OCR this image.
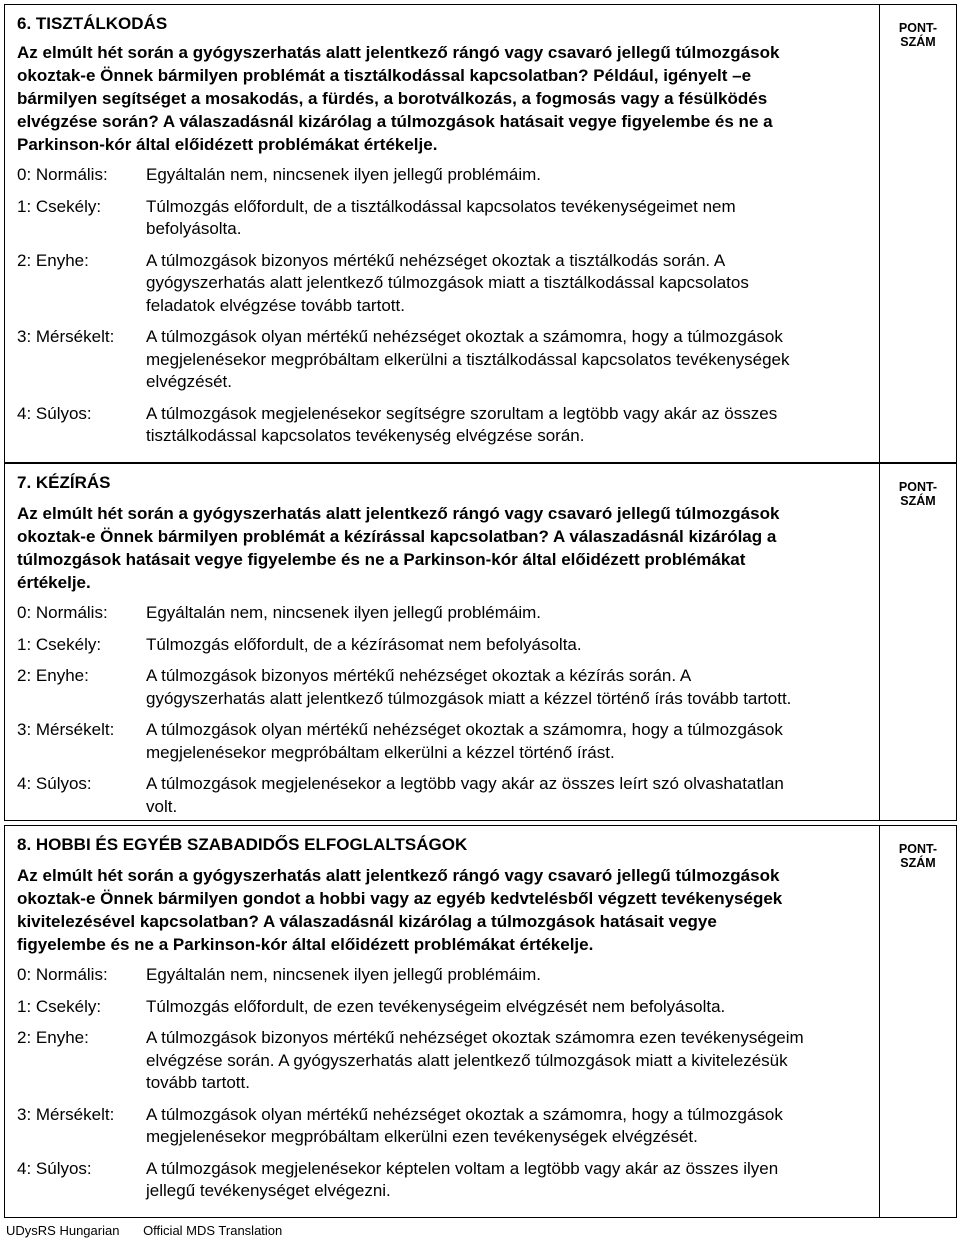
6. TISZTÁLKODÁS
Az elmúlt hét során a gyógyszerhatás alatt jelentkező rángó vagy csavaró jellegű túlmozgások
okoztak-e Önnek bármilyen problémát a tisztálkodással kapcsolatban? Például, igényelt –e
bármilyen segítséget a mosakodás, a fürdés, a borotválkozás, a fogmosás vagy a fésülködés
elvégzése során? A válaszadásnál kizárólag a túlmozgások hatásait vegye figyelembe és ne a
Parkinson-kór által előidézett problémákat értékelje.
0: Normális:	Egyáltalán nem, nincsenek ilyen jellegű problémáim.
1: Csekély:	Túlmozgás előfordult, de a tisztálkodással kapcsolatos tevékenységeimet nem
befolyásolta.
2: Enyhe:	A túlmozgások bizonyos mértékű nehézséget okoztak a tisztálkodás során. A
gyógyszerhatás alatt jelentkező túlmozgások miatt a tisztálkodással kapcsolatos
feladatok elvégzése tovább tartott.
3: Mérsékelt:	A túlmozgások olyan mértékű nehézséget okoztak a számomra, hogy a túlmozgások
megjelenésekor megpróbáltam elkerülni a tisztálkodással kapcsolatos tevékenységek
elvégzését.
4: Súlyos:	A túlmozgások megjelenésekor segítségre szorultam a legtöbb vagy akár az összes
tisztálkodással kapcsolatos tevékenység elvégzése során.
PONT-
SZÁM
7. KÉZÍRÁS
Az elmúlt hét során a gyógyszerhatás alatt jelentkező rángó vagy csavaró jellegű túlmozgások
okoztak-e Önnek bármilyen problémát a kézírással kapcsolatban? A válaszadásnál kizárólag a
túlmozgások hatásait vegye figyelembe és ne a Parkinson-kór által előidézett problémákat
értékelje.
0: Normális:	Egyáltalán nem, nincsenek ilyen jellegű problémáim.
1: Csekély:	Túlmozgás előfordult, de a kézírásomat nem befolyásolta.
2: Enyhe:	A túlmozgások bizonyos mértékű nehézséget okoztak a kézírás során. A
gyógyszerhatás alatt jelentkező túlmozgások miatt a kézzel történő írás tovább tartott.
3: Mérsékelt:	A túlmozgások olyan mértékű nehézséget okoztak a számomra, hogy a túlmozgások
megjelenésekor megpróbáltam elkerülni a kézzel történő írást.
4: Súlyos:	A túlmozgások megjelenésekor a legtöbb vagy akár az összes leírt szó olvashatatlan
volt.
PONT-
SZÁM
8. HOBBI ÉS EGYÉB SZABADIDŐS ELFOGLALTSÁGOK
Az elmúlt hét során a gyógyszerhatás alatt jelentkező rángó vagy csavaró jellegű túlmozgások
okoztak-e Önnek bármilyen gondot a hobbi vagy az egyéb kedvtelésből végzett tevékenységek
kivitelezésével kapcsolatban? A válaszadásnál kizárólag a túlmozgások hatásait vegye
figyelembe és ne a Parkinson-kór által előidézett problémákat értékelje.
0: Normális:	Egyáltalán nem, nincsenek ilyen jellegű problémáim.
1: Csekély:	Túlmozgás előfordult, de ezen tevékenységeim elvégzését nem befolyásolta.
2: Enyhe:	A túlmozgások bizonyos mértékű nehézséget okoztak számomra ezen tevékenységeim
elvégzése során. A gyógyszerhatás alatt jelentkező túlmozgások miatt a kivitelezésük
tovább tartott.
3: Mérsékelt:	A túlmozgások olyan mértékű nehézséget okoztak a számomra, hogy a túlmozgások
megjelenésekor megpróbáltam elkerülni ezen tevékenységek elvégzését.
4: Súlyos:	A túlmozgások megjelenésekor képtelen voltam a legtöbb vagy akár az összes ilyen
jellegű tevékenységet elvégezni.
PONT-
SZÁM
UDysRS Hungarian Official MDS Translation
